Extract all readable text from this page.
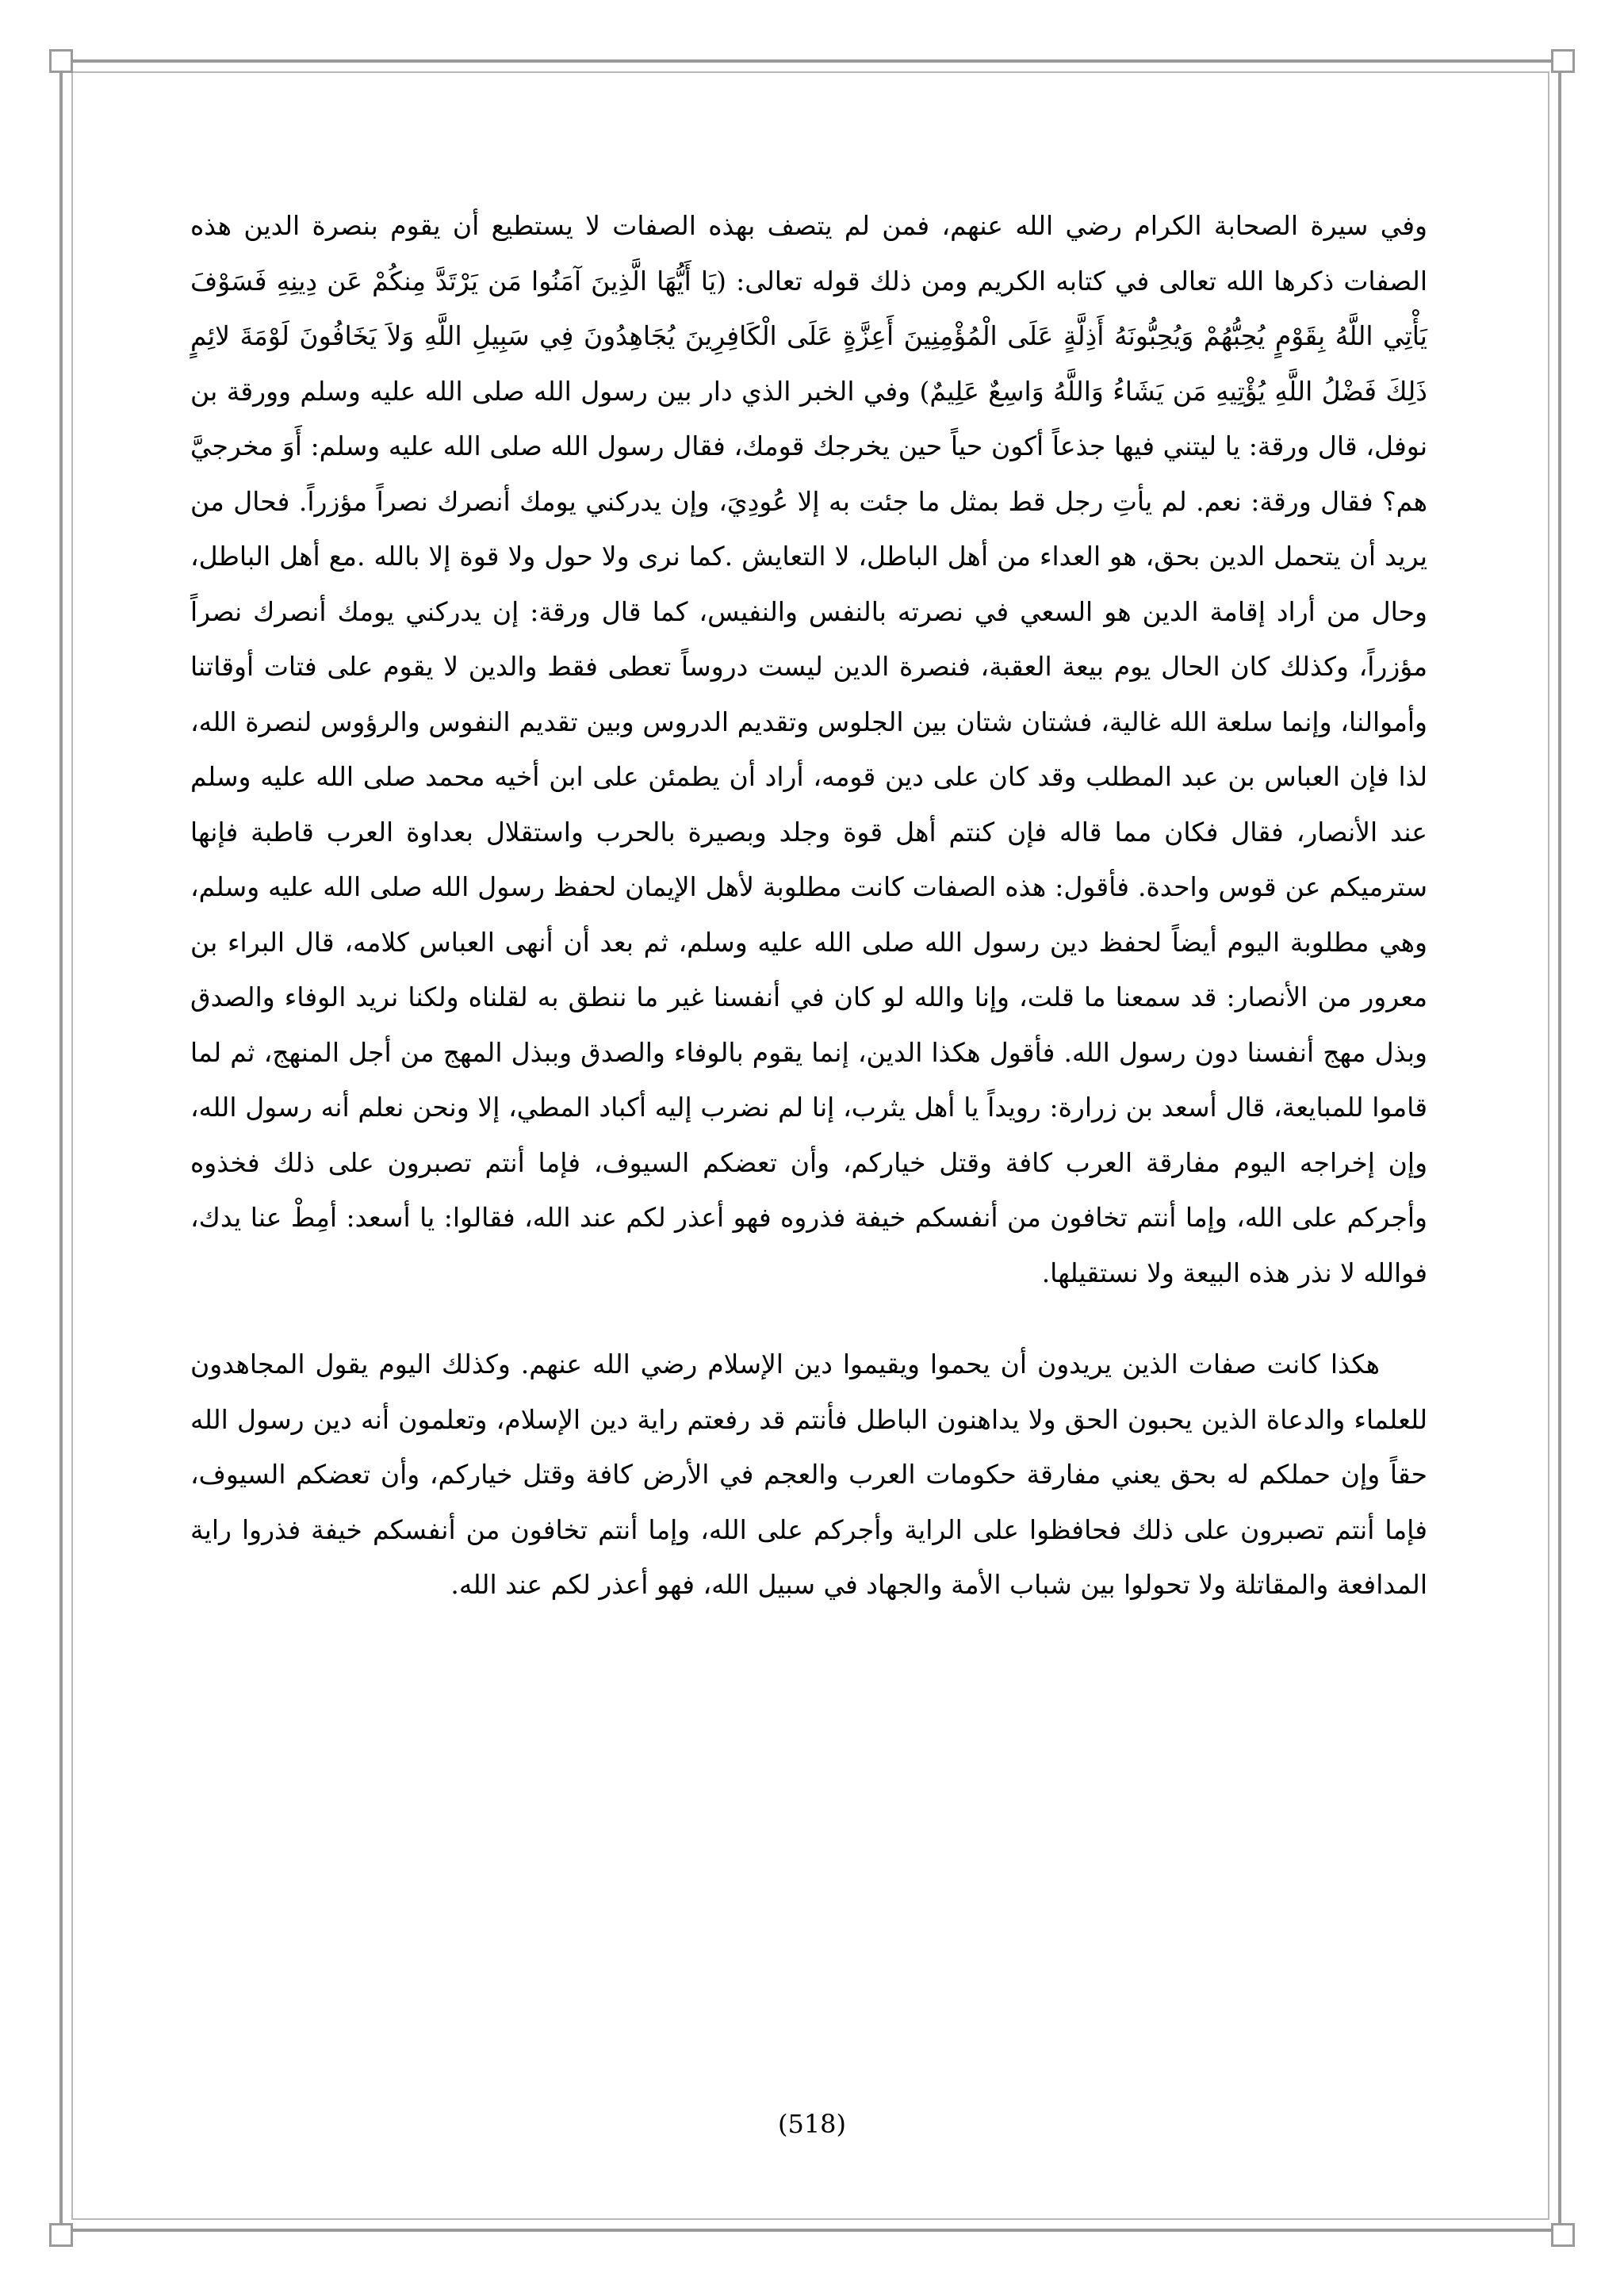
وفي سيرة الصحابة الكرام رضي الله عنهم، فمن لم يتصف بهذه الصفات لا يستطيع أن يقوم بنصرة الدين هذه الصفات ذكرها الله تعالى في كتابه الكريم ومن ذلك قوله تعالى: (يَا أَيُّهَا الَّذِينَ آمَنُوا مَن يَرْتَدَّ مِنكُمْ عَن دِينِهِ فَسَوْفَ يَأْتِي اللَّهُ بِقَوْمٍ يُحِبُّهُمْ وَيُحِبُّونَهُ أَذِلَّةٍ عَلَى الْمُؤْمِنِينَ أَعِزَّةٍ عَلَى الْكَافِرِينَ يُجَاهِدُونَ فِي سَبِيلِ اللَّهِ وَلاَ يَخَافُونَ لَوْمَةَ لائِمٍ ذَلِكَ فَضْلُ اللَّهِ يُؤْتِيهِ مَن يَشَاءُ وَاللَّهُ وَاسِعٌ عَلِيمٌ) وفي الخبر الذي دار بين رسول الله صلى الله عليه وسلم وورقة بن نوفل، قال ورقة: يا ليتني فيها جذعاً أكون حياً حين يخرجك قومك، فقال رسول الله صلى الله عليه وسلم: أَوَ مخرجيَّ هم؟ فقال ورقة: نعم. لم يأتِ رجل قط بمثل ما جئت به إلا عُودِيَ، وإن يدركني يومك أنصرك نصراً مؤزراً. فحال من يريد أن يتحمل الدين بحق، هو العداء من أهل الباطل، لا التعايش .كما نرى ولا حول ولا قوة إلا بالله .مع أهل الباطل، وحال من أراد إقامة الدين هو السعي في نصرته بالنفس والنفيس، كما قال ورقة: إن يدركني يومك أنصرك نصراً مؤزراً، وكذلك كان الحال يوم بيعة العقبة، فنصرة الدين ليست دروساً تعطى فقط والدين لا يقوم على فتات أوقاتنا وأموالنا، وإنما سلعة الله غالية، فشتان شتان بين الجلوس وتقديم الدروس وبين تقديم النفوس والرؤوس لنصرة الله، لذا فإن العباس بن عبد المطلب وقد كان على دين قومه، أراد أن يطمئن على ابن أخيه محمد صلى الله عليه وسلم عند الأنصار، فقال فكان مما قاله فإن كنتم أهل قوة وجلد وبصيرة بالحرب واستقلال بعداوة العرب قاطبة فإنها سترميكم عن قوس واحدة. فأقول: هذه الصفات كانت مطلوبة لأهل الإيمان لحفظ رسول الله صلى الله عليه وسلم، وهي مطلوبة اليوم أيضاً لحفظ دين رسول الله صلى الله عليه وسلم، ثم بعد أن أنهى العباس كلامه، قال البراء بن معرور من الأنصار: قد سمعنا ما قلت، وإنا والله لو كان في أنفسنا غير ما ننطق به لقلناه ولكنا نريد الوفاء والصدق وبذل مهج أنفسنا دون رسول الله. فأقول هكذا الدين، إنما يقوم بالوفاء والصدق وببذل المهج من أجل المنهج، ثم لما قاموا للمبايعة، قال أسعد بن زرارة: رويداً يا أهل يثرب، إنا لم نضرب إليه أكباد المطي، إلا ونحن نعلم أنه رسول الله، وإن إخراجه اليوم مفارقة العرب كافة وقتل خياركم، وأن تعضكم السيوف، فإما أنتم تصبرون على ذلك فخذوه وأجركم على الله، وإما أنتم تخافون من أنفسكم خيفة فذروه فهو أعذر لكم عند الله، فقالوا: يا أسعد: أمِطْ عنا يدك، فوالله لا نذر هذه البيعة ولا نستقيلها.

هكذا كانت صفات الذين يريدون أن يحموا ويقيموا دين الإسلام رضي الله عنهم. وكذلك اليوم يقول المجاهدون للعلماء والدعاة الذين يحبون الحق ولا يداهنون الباطل فأنتم قد رفعتم راية دين الإسلام، وتعلمون أنه دين رسول الله حقاً وإن حملكم له بحق يعني مفارقة حكومات العرب والعجم في الأرض كافة وقتل خياركم، وأن تعضكم السيوف، فإما أنتم تصبرون على ذلك فحافظوا على الراية وأجركم على الله، وإما أنتم تخافون من أنفسكم خيفة فذروا راية المدافعة والمقاتلة ولا تحولوا بين شباب الأمة والجهاد في سبيل الله، فهو أعذر لكم عند الله.

(518)
